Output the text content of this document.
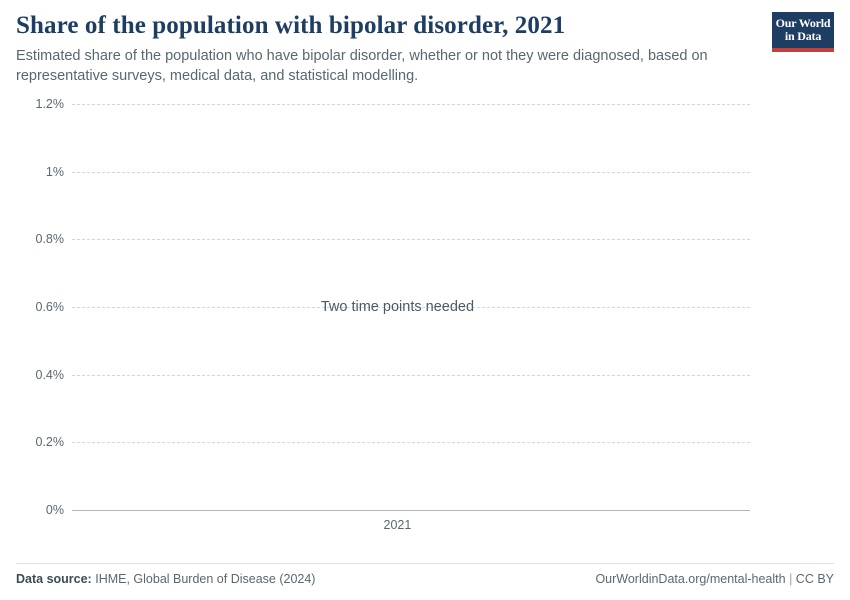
Share of the population with bipolar disorder, 2021

Estimated share of the population who have bipolar disorder, whether or not they were diagnosed, based on representative surveys, medical data, and statistical modelling.

Our World
in Data
1.2%
1%
0.8%
0.6%
0.4%
0.2%
0%
Two time points needed
2021
Data source: IHME, Global Burden of Disease (2024)	OurWorldinData.org/mental-health | CC BY
